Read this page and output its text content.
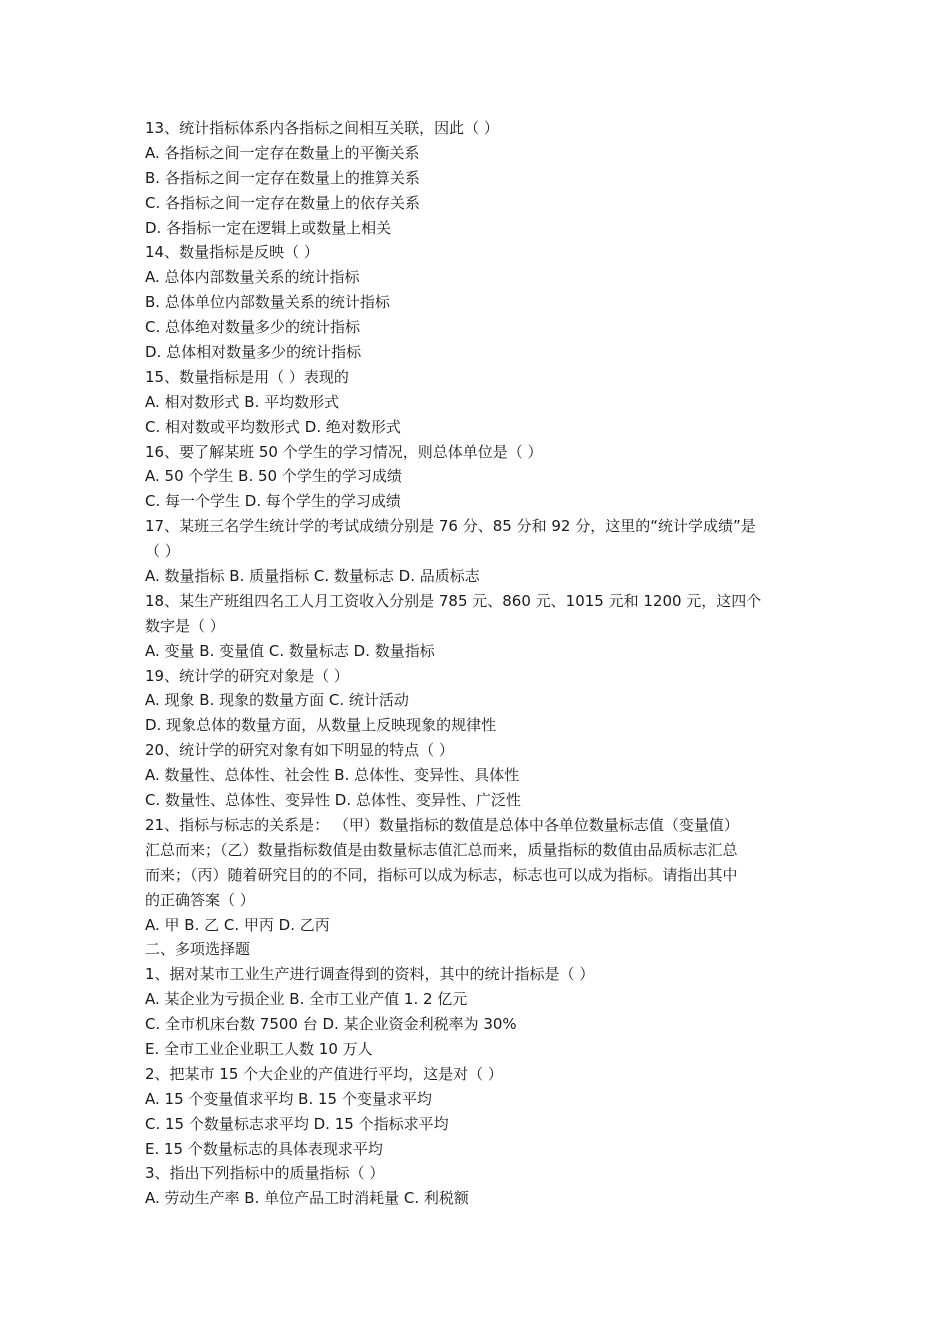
13、统计指标体系内各指标之间相互关联，因此（ ）
A. 各指标之间一定存在数量上的平衡关系
B. 各指标之间一定存在数量上的推算关系
C. 各指标之间一定存在数量上的依存关系
D. 各指标一定在逻辑上或数量上相关
14、数量指标是反映（ ）
A. 总体内部数量关系的统计指标
B. 总体单位内部数量关系的统计指标
C. 总体绝对数量多少的统计指标
D. 总体相对数量多少的统计指标
15、数量指标是用（ ）表现的
A. 相对数形式 B. 平均数形式
C. 相对数或平均数形式 D. 绝对数形式
16、要了解某班 50 个学生的学习情况，则总体单位是（ ）
A. 50 个学生 B. 50 个学生的学习成绩
C. 每一个学生 D. 每个学生的学习成绩
17、某班三名学生统计学的考试成绩分别是 76 分、85 分和 92 分，这里的“统计学成绩”是
（ ）
A. 数量指标 B. 质量指标 C. 数量标志 D. 品质标志
18、某生产班组四名工人月工资收入分别是 785 元、860 元、1015 元和 1200 元，这四个
数字是（ ）
A. 变量 B. 变量值 C. 数量标志 D. 数量指标
19、统计学的研究对象是（ ）
A. 现象 B. 现象的数量方面 C. 统计活动
D. 现象总体的数量方面，从数量上反映现象的规律性
20、统计学的研究对象有如下明显的特点（ ）
A. 数量性、总体性、社会性 B. 总体性、变异性、具体性
C. 数量性、总体性、变异性 D. 总体性、变异性、广泛性
21、指标与标志的关系是： （甲）数量指标的数值是总体中各单位数量标志值（变量值）
汇总而来；（乙）数量指标数值是由数量标志值汇总而来，质量指标的数值由品质标志汇总
而来；（丙）随着研究目的的不同，指标可以成为标志，标志也可以成为指标。请指出其中
的正确答案（ ）
A. 甲 B. 乙 C. 甲丙 D. 乙丙
二、多项选择题
1、据对某市工业生产进行调查得到的资料，其中的统计指标是（ ）
A. 某企业为亏损企业 B. 全市工业产值 1. 2 亿元
C. 全市机床台数 7500 台 D. 某企业资金利税率为 30%
E. 全市工业企业职工人数 10 万人
2、把某市 15 个大企业的产值进行平均，这是对（ ）
A. 15 个变量值求平均 B. 15 个变量求平均
C. 15 个数量标志求平均 D. 15 个指标求平均
E. 15 个数量标志的具体表现求平均
3、指出下列指标中的质量指标（ ）
A. 劳动生产率 B. 单位产品工时消耗量 C. 利税额
